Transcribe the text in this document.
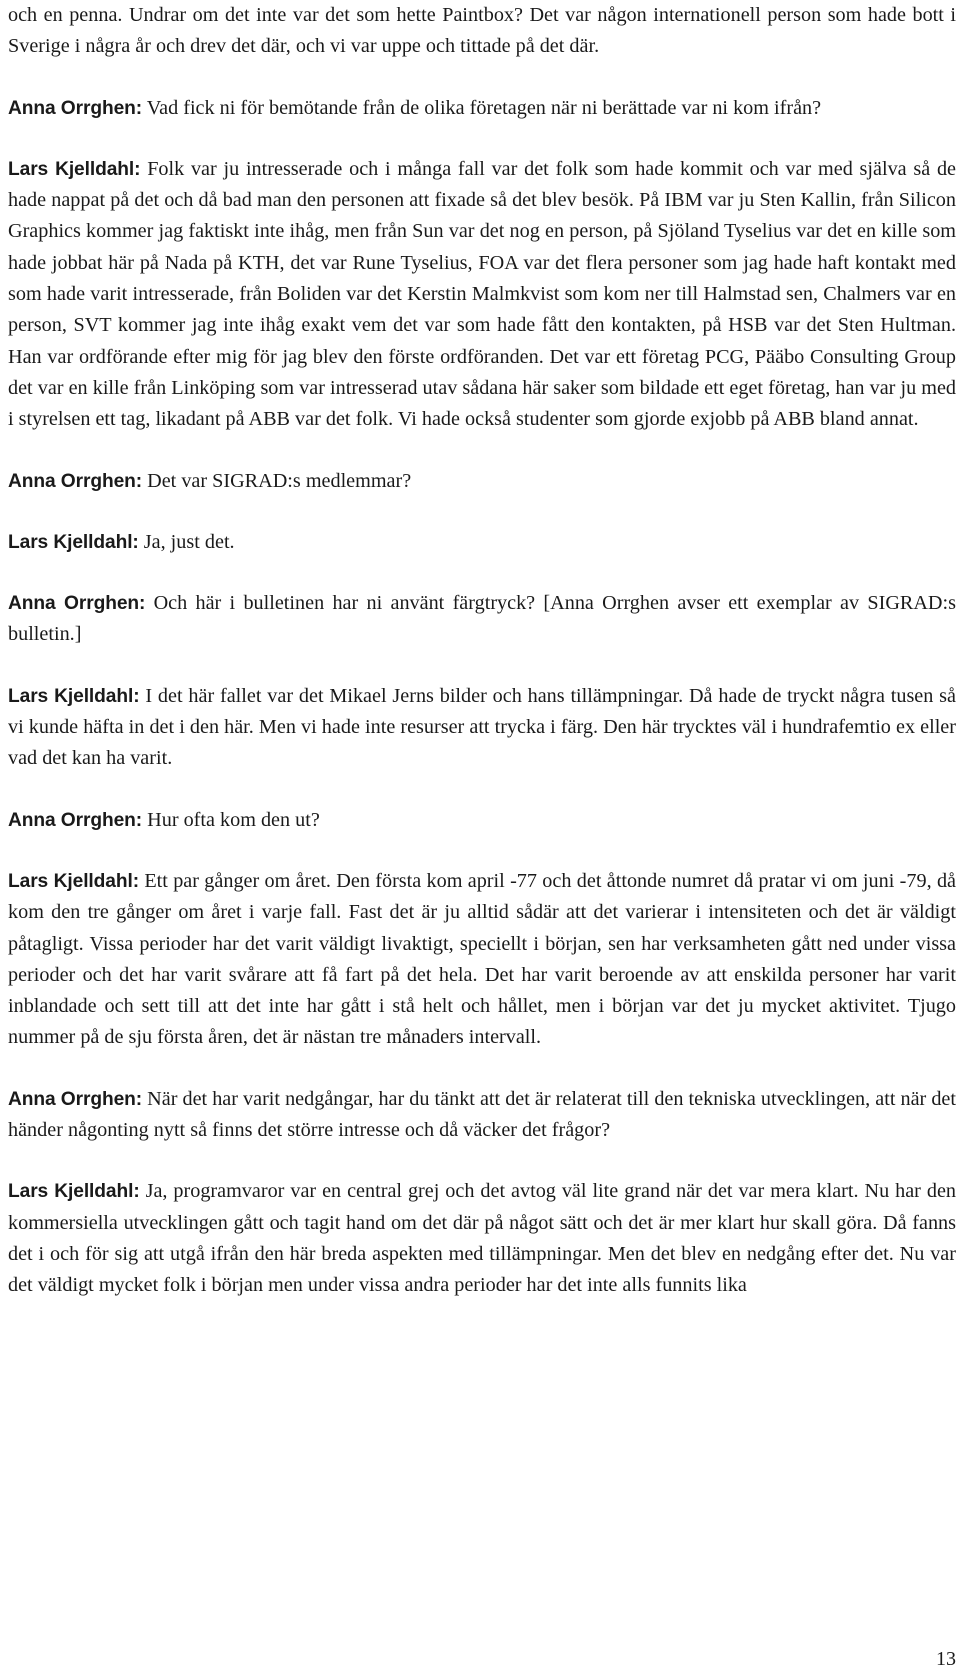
och en penna. Undrar om det inte var det som hette Paintbox? Det var någon internationell person som hade bott i Sverige i några år och drev det där, och vi var uppe och tittade på det där.

Anna Orrghen: Vad fick ni för bemötande från de olika företagen när ni berättade var ni kom ifrån?

Lars Kjelldahl: Folk var ju intresserade och i många fall var det folk som hade kommit och var med själva så de hade nappat på det och då bad man den personen att fixade så det blev besök. På IBM var ju Sten Kallin, från Silicon Graphics kommer jag faktiskt inte ihåg, men från Sun var det nog en person, på Sjöland Tyselius var det en kille som hade jobbat här på Nada på KTH, det var Rune Tyselius, FOA var det flera personer som jag hade haft kontakt med som hade varit intresserade, från Boliden var det Kerstin Malmkvist som kom ner till Halmstad sen, Chalmers var en person, SVT kommer jag inte ihåg exakt vem det var som hade fått den kontakten, på HSB var det Sten Hultman. Han var ordförande efter mig för jag blev den förste ordföranden. Det var ett företag PCG, Pääbo Consulting Group det var en kille från Linköping som var intresserad utav sådana här saker som bildade ett eget företag, han var ju med i styrelsen ett tag, likadant på ABB var det folk. Vi hade också studenter som gjorde exjobb på ABB bland annat.

Anna Orrghen: Det var SIGRAD:s medlemmar?

Lars Kjelldahl: Ja, just det.

Anna Orrghen: Och här i bulletinen har ni använt färgtryck? [Anna Orrghen avser ett exemplar av SIGRAD:s bulletin.]

Lars Kjelldahl: I det här fallet var det Mikael Jerns bilder och hans tillämpningar. Då hade de tryckt några tusen så vi kunde häfta in det i den här. Men vi hade inte resurser att trycka i färg. Den här trycktes väl i hundrafemtio ex eller vad det kan ha varit.

Anna Orrghen: Hur ofta kom den ut?

Lars Kjelldahl: Ett par gånger om året. Den första kom april -77 och det åttonde numret då pratar vi om juni -79, då kom den tre gånger om året i varje fall. Fast det är ju alltid sådär att det varierar i intensiteten och det är väldigt påtagligt. Vissa perioder har det varit väldigt livaktigt, speciellt i början, sen har verksamheten gått ned under vissa perioder och det har varit svårare att få fart på det hela. Det har varit beroende av att enskilda personer har varit inblandade och sett till att det inte har gått i stå helt och hållet, men i början var det ju mycket aktivitet. Tjugo nummer på de sju första åren, det är nästan tre månaders intervall.

Anna Orrghen: När det har varit nedgångar, har du tänkt att det är relaterat till den tekniska utvecklingen, att när det händer någonting nytt så finns det större intresse och då väcker det frågor?

Lars Kjelldahl: Ja, programvaror var en central grej och det avtog väl lite grand när det var mera klart. Nu har den kommersiella utvecklingen gått och tagit hand om det där på något sätt och det är mer klart hur skall göra. Då fanns det i och för sig att utgå ifrån den här breda aspekten med tillämpningar. Men det blev en nedgång efter det. Nu var det väldigt mycket folk i början men under vissa andra perioder har det inte alls funnits lika

13
